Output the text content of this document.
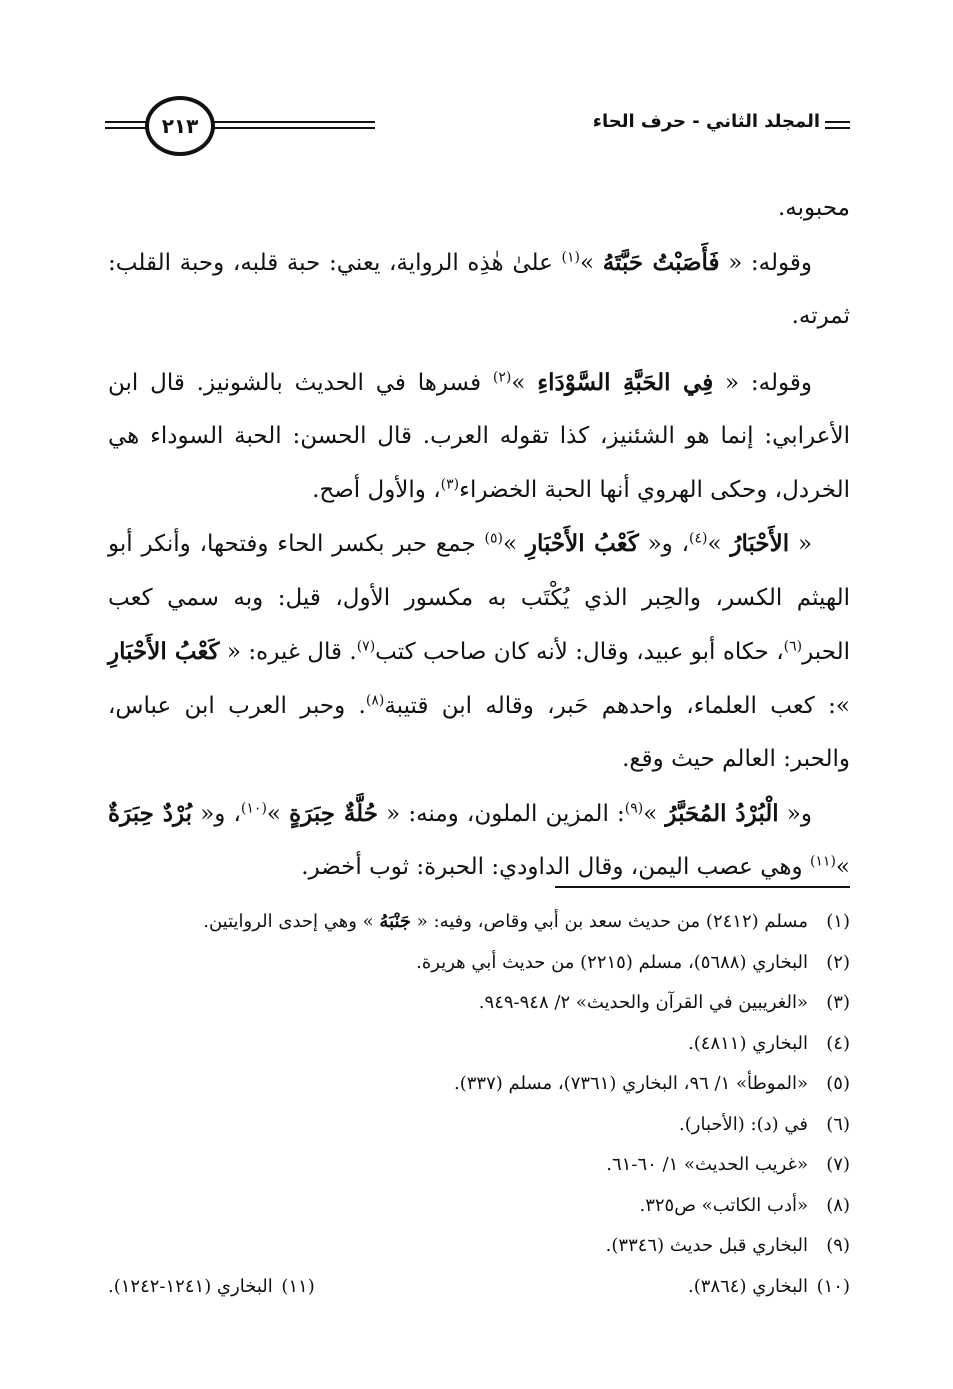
المجلد الثاني - حرف الحاء
٢١٣

محبوبه.

وقوله: « فَأَصَبْتُ حَبَّتَهُ »$^{(١)}$ علىٰ هٰذِه الرواية، يعني: حبة قلبه، وحبة القلب: ثمرته.

وقوله: « فِي الحَبَّةِ السَّوْدَاءِ »$^{(٢)}$ فسرها في الحديث بالشونيز. قال ابن الأعرابي: إنما هو الشئنيز، كذا تقوله العرب. قال الحسن: الحبة السوداء هي الخردل، وحكى الهروي أنها الحبة الخضراء$^{(٣)}$، والأول أصح.

« الأَحْبَارُ »$^{(٤)}$، و« كَعْبُ الأَحْبَارِ »$^{(٥)}$ جمع حبر بكسر الحاء وفتحها، وأنكر أبو الهيثم الكسر، والحِبر الذي يُكْتَب به مكسور الأول، قيل: وبه سمي كعب الحبر$^{(٦)}$، حكاه أبو عبيد، وقال: لأنه كان صاحب كتب$^{(٧)}$. قال غيره: « كَعْبُ الأَحْبَارِ »: كعب العلماء، واحدهم حَبر، وقاله ابن قتيبة$^{(٨)}$. وحبر العرب ابن عباس، والحبر: العالم حيث وقع.

و« الْبُرْدُ المُحَبَّرُ »$^{(٩)}$: المزين الملون، ومنه: « حُلَّةٌ حِبَرَةٍ »$^{(١٠)}$، و« بُرْدٌ حِبَرَةٌ »$^{(١١)}$ وهي عصب اليمن، وقال الداودي: الحبرة: ثوب أخضر.

(١)
مسلم (٢٤١٢) من حديث سعد بن أبي وقاص، وفيه: « جَنْبَهُ » وهي إحدى الروايتين.
(٢)
البخاري (٥٦٨٨)، مسلم (٢٢١٥) من حديث أبي هريرة.
(٣)
«الغريبين في القرآن والحديث» ٢/ ٩٤٨-٩٤٩.
(٤)
البخاري (٤٨١١).
(٥)
«الموطأ» ١/ ٩٦، البخاري (٧٣٦١)، مسلم (٣٣٧).
(٦)
في (د): (الأحبار).
(٧)
«غريب الحديث» ١/ ٦٠-٦١.
(٨)
«أدب الكاتب» ص٣٢٥.
(٩)
البخاري قبل حديث (٣٣٤٦).
(١٠)
البخاري (٣٨٦٤).
(١١)
البخاري (١٢٤١-١٢٤٢).
